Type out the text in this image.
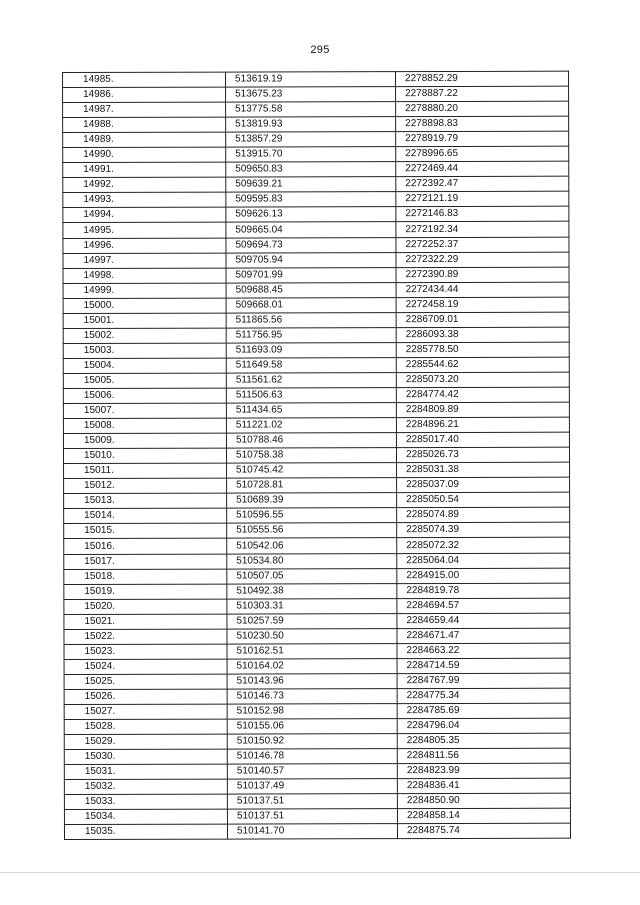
295
14985.	513619.19	2278852.29
14986.	513675.23	2278887.22
14987.	513775.58	2278880.20
14988.	513819.93	2278898.83
14989.	513857.29	2278919.79
14990.	513915.70	2278996.65
14991.	509650.83	2272469.44
14992.	509639.21	2272392.47
14993.	509595.83	2272121.19
14994.	509626.13	2272146.83
14995.	509665.04	2272192.34
14996.	509694.73	2272252.37
14997.	509705.94	2272322.29
14998.	509701.99	2272390.89
14999.	509688.45	2272434.44
15000.	509668.01	2272458.19
15001.	511865.56	2286709.01
15002.	511756.95	2286093.38
15003.	511693.09	2285778.50
15004.	511649.58	2285544.62
15005.	511561.62	2285073.20
15006.	511506.63	2284774.42
15007.	511434.65	2284809.89
15008.	511221.02	2284896.21
15009.	510788.46	2285017.40
15010.	510758.38	2285026.73
15011.	510745.42	2285031.38
15012.	510728.81	2285037.09
15013.	510689.39	2285050.54
15014.	510596.55	2285074.89
15015.	510555.56	2285074.39
15016.	510542.06	2285072.32
15017.	510534.80	2285064.04
15018.	510507.05	2284915.00
15019.	510492.38	2284819.78
15020.	510303.31	2284694.57
15021.	510257.59	2284659.44
15022.	510230.50	2284671.47
15023.	510162.51	2284663.22
15024.	510164.02	2284714.59
15025.	510143.96	2284767.99
15026.	510146.73	2284775.34
15027.	510152.98	2284785.69
15028.	510155.06	2284796.04
15029.	510150.92	2284805.35
15030.	510146.78	2284811.56
15031.	510140.57	2284823.99
15032.	510137.49	2284836.41
15033.	510137.51	2284850.90
15034.	510137.51	2284858.14
15035.	510141.70	2284875.74
